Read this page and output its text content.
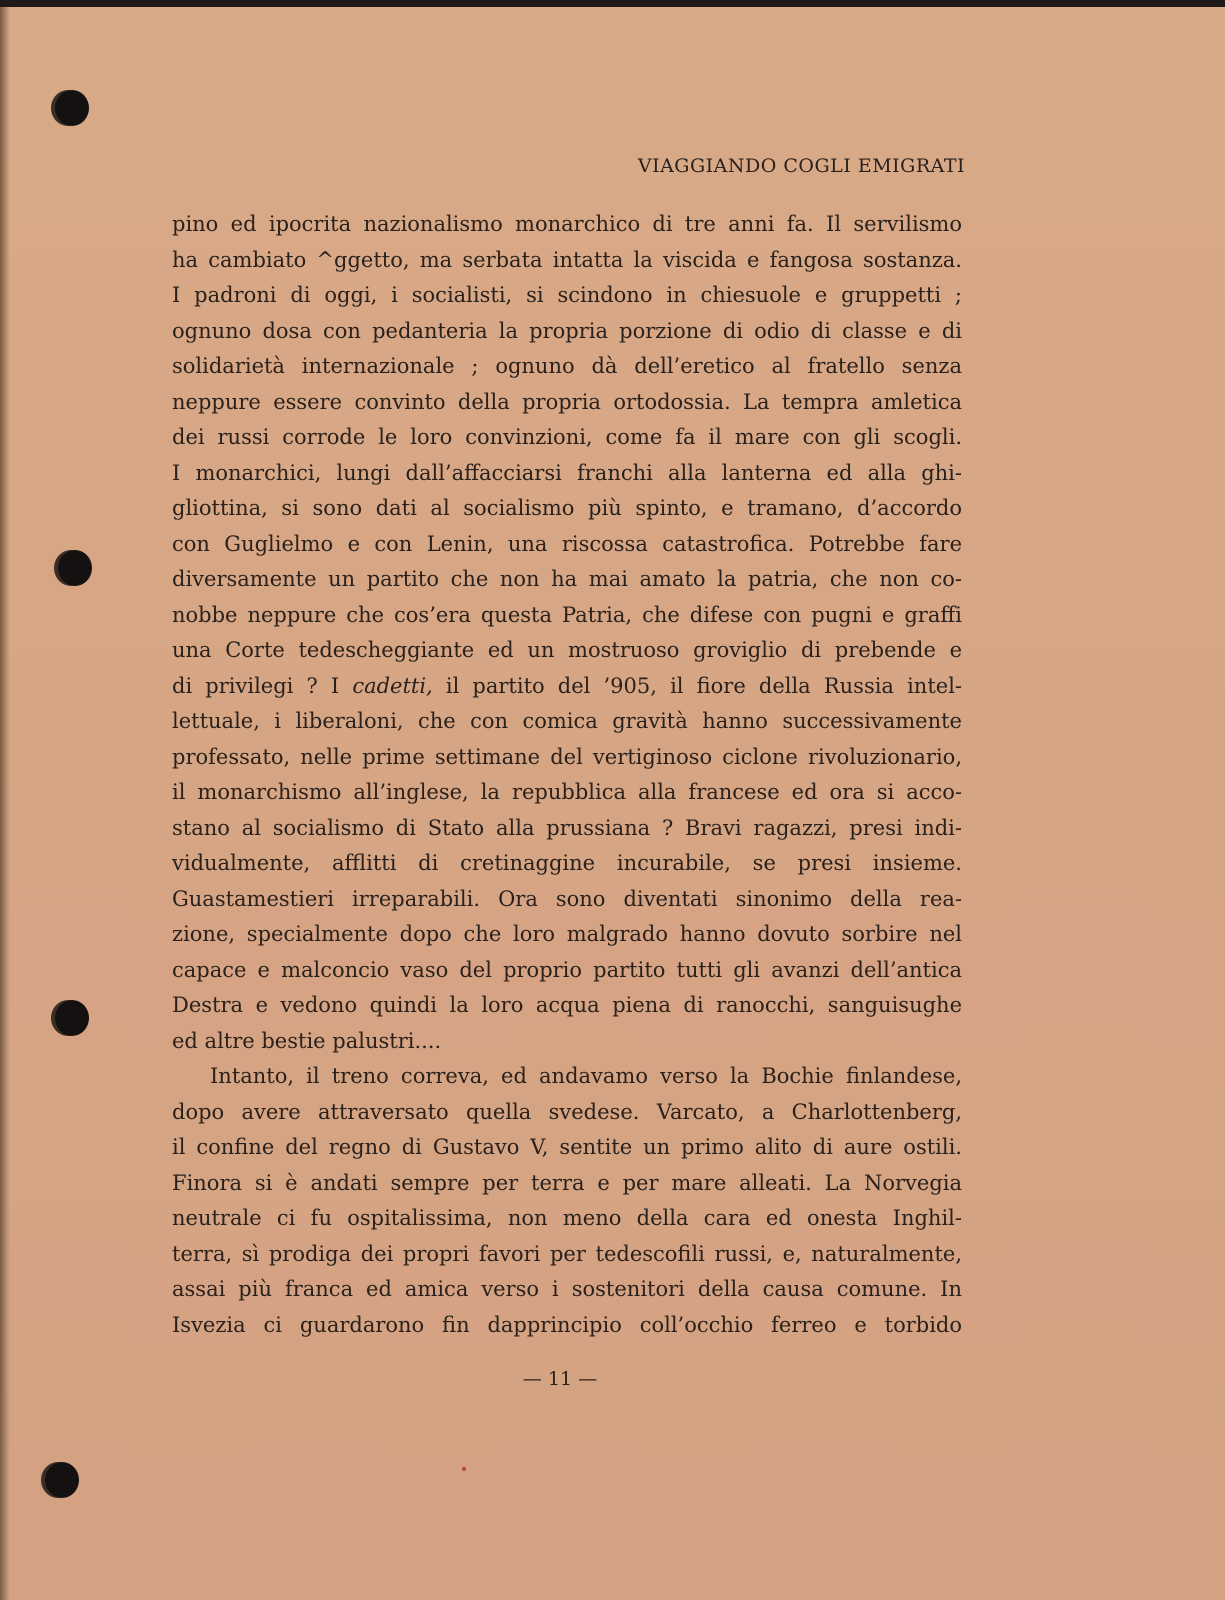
VIAGGIANDO COGLI EMIGRATI
pino ed ipocrita nazionalismo monarchico di tre anni fa. Il servilismo
ha cambiato ^ggetto, ma serbata intatta la viscida e fangosa sostanza.
I padroni di oggi, i socialisti, si scindono in chiesuole e gruppetti ;
ognuno dosa con pedanteria la propria porzione di odio di classe e di
solidarietà internazionale ; ognuno dà dell’eretico al fratello senza
neppure essere convinto della propria ortodossia. La tempra amletica
dei russi corrode le loro convinzioni, come fa il mare con gli scogli.
I monarchici, lungi dall’affacciarsi franchi alla lanterna ed alla ghi-
gliottina, si sono dati al socialismo più spinto, e tramano, d’accordo
con Guglielmo e con Lenin, una riscossa catastrofica. Potrebbe fare
diversamente un partito che non ha mai amato la patria, che non co-
nobbe neppure che cos’era questa Patria, che difese con pugni e graffi
una Corte tedescheggiante ed un mostruoso groviglio di prebende e
di privilegi ? I cadetti, il partito del ’905, il fiore della Russia intel-
lettuale, i liberaloni, che con comica gravità hanno successivamente
professato, nelle prime settimane del vertiginoso ciclone rivoluzionario,
il monarchismo all’inglese, la repubblica alla francese ed ora si acco-
stano al socialismo di Stato alla prussiana ? Bravi ragazzi, presi indi-
vidualmente, afflitti di cretinaggine incurabile, se presi insieme.
Guastamestieri irreparabili. Ora sono diventati sinonimo della rea-
zione, specialmente dopo che loro malgrado hanno dovuto sorbire nel
capace e malconcio vaso del proprio partito tutti gli avanzi dell’antica
Destra e vedono quindi la loro acqua piena di ranocchi, sanguisughe
ed altre bestie palustri....
Intanto, il treno correva, ed andavamo verso la Bochie finlandese,
dopo avere attraversato quella svedese. Varcato, a Charlottenberg,
il confine del regno di Gustavo V, sentite un primo alito di aure ostili.
Finora si è andati sempre per terra e per mare alleati. La Norvegia
neutrale ci fu ospitalissima, non meno della cara ed onesta Inghil-
terra, sì prodiga dei propri favori per tedescofili russi, e, naturalmente,
assai più franca ed amica verso i sostenitori della causa comune. In
Isvezia ci guardarono fin dapprincipio coll’occhio ferreo e torbido
— 11 —
